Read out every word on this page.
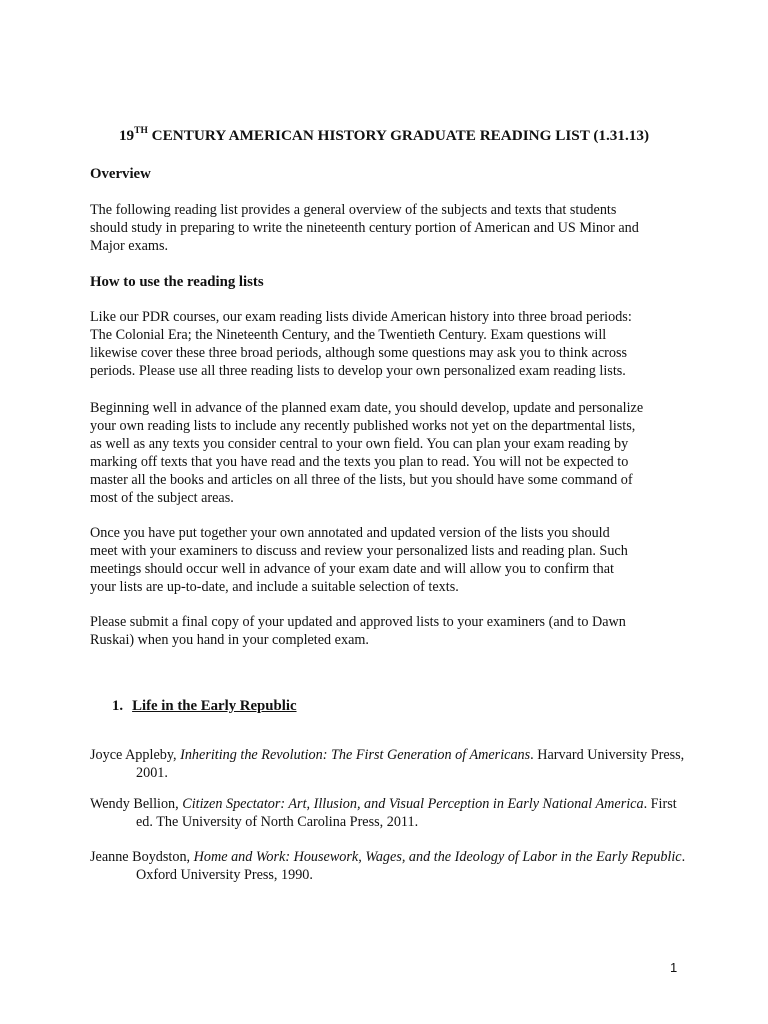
19TH CENTURY AMERICAN HISTORY GRADUATE READING LIST (1.31.13)
Overview

The following reading list provides a general overview of the subjects and texts that students
should study in preparing to write the nineteenth century portion of American and US Minor and
Major exams.

How to use the reading lists

Like our PDR courses, our exam reading lists divide American history into three broad periods:
The Colonial Era; the Nineteenth Century, and the Twentieth Century. Exam questions will
likewise cover these three broad periods, although some questions may ask you to think across
periods. Please use all three reading lists to develop your own personalized exam reading lists.

Beginning well in advance of the planned exam date, you should develop, update and personalize
your own reading lists to include any recently published works not yet on the departmental lists,
as well as any texts you consider central to your own field. You can plan your exam reading by
marking off texts that you have read and the texts you plan to read. You will not be expected to
master all the books and articles on all three of the lists, but you should have some command of
most of the subject areas.

Once you have put together your own annotated and updated version of the lists you should
meet with your examiners to discuss and review your personalized lists and reading plan. Such
meetings should occur well in advance of your exam date and will allow you to confirm that
your lists are up-to-date, and include a suitable selection of texts.

Please submit a final copy of your updated and approved lists to your examiners (and to Dawn
Ruskai) when you hand in your completed exam.

1. Life in the Early Republic

Joyce Appleby, Inheriting the Revolution: The First Generation of Americans. Harvard University Press, 2001.

Wendy Bellion, Citizen Spectator: Art, Illusion, and Visual Perception in Early National America. First ed. The University of North Carolina Press, 2011.

Jeanne Boydston, Home and Work: Housework, Wages, and the Ideology of Labor in the Early Republic. Oxford University Press, 1990.

1
